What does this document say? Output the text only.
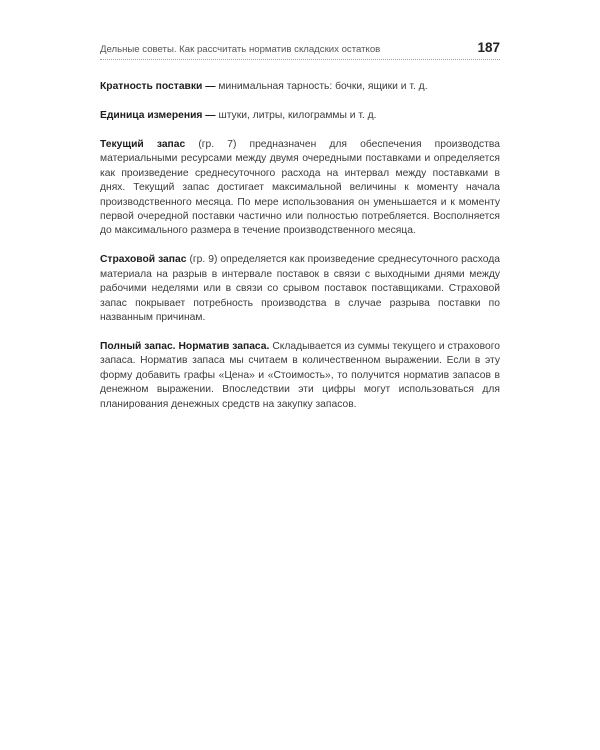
Дельные советы. Как рассчитать норматив складских остатков	187

Кратность поставки — минимальная тарность: бочки, ящики и т. д.

Единица измерения — штуки, литры, килограммы и т. д.

Текущий запас (гр. 7) предназначен для обеспечения производства материальными ресурсами между двумя очередными поставками и определяется как произведение среднесуточного расхода на интервал между поставками в днях. Текущий запас достигает максимальной величины к моменту начала производственного месяца. По мере использования он уменьшается и к моменту первой очередной поставки частично или полностью потребляется. Восполняется до максимального размера в течение производственного месяца.

Страховой запас (гр. 9) определяется как произведение среднесуточного расхода материала на разрыв в интервале поставок в связи с выходными днями между рабочими неделями или в связи со срывом поставок поставщиками. Страховой запас покрывает потребность производства в случае разрыва поставки по названным причинам.

Полный запас. Норматив запаса. Складывается из суммы текущего и страхового запаса. Норматив запаса мы считаем в количественном выражении. Если в эту форму добавить графы «Цена» и «Стоимость», то получится норматив запасов в денежном выражении. Впоследствии эти цифры могут использоваться для планирования денежных средств на закупку запасов.
